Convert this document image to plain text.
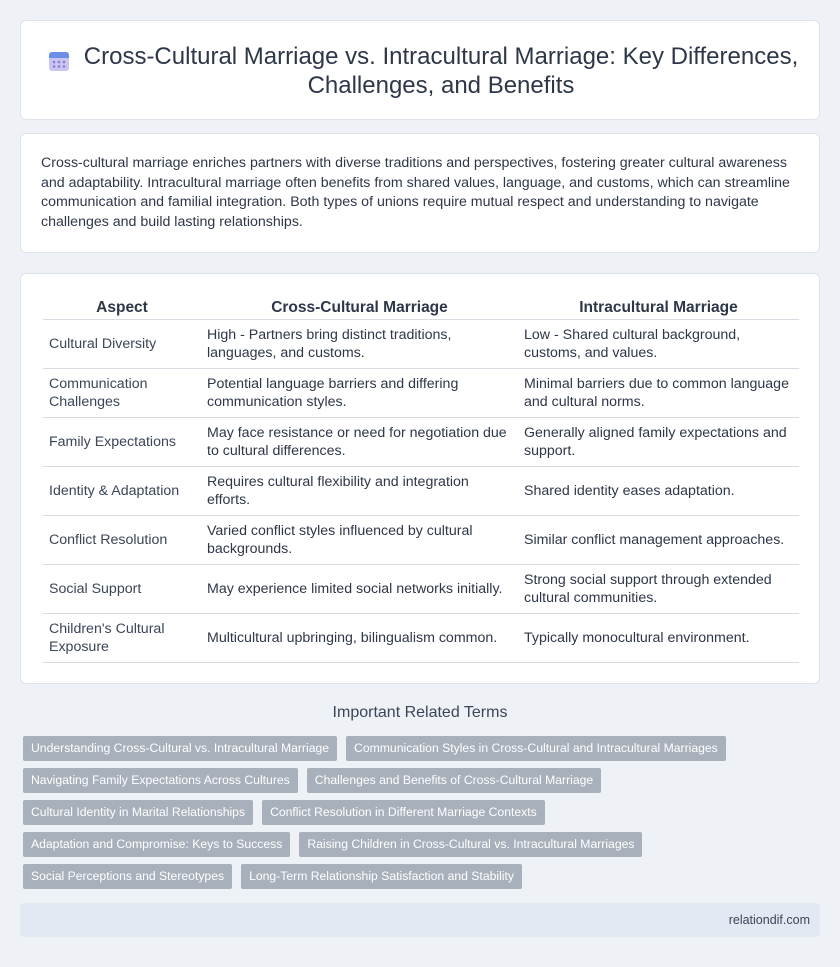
Cross-Cultural Marriage vs. Intracultural Marriage: Key Differences, Challenges, and Benefits

Cross-cultural marriage enriches partners with diverse traditions and perspectives, fostering greater cultural awareness and adaptability. Intracultural marriage often benefits from shared values, language, and customs, which can streamline communication and familial integration. Both types of unions require mutual respect and understanding to navigate challenges and build lasting relationships.

Aspect	Cross-Cultural Marriage	Intracultural Marriage
Cultural Diversity	High - Partners bring distinct traditions, languages, and customs.	Low - Shared cultural background, customs, and values.
Communication Challenges	Potential language barriers and differing communication styles.	Minimal barriers due to common language and cultural norms.
Family Expectations	May face resistance or need for negotiation due to cultural differences.	Generally aligned family expectations and support.
Identity & Adaptation	Requires cultural flexibility and integration efforts.	Shared identity eases adaptation.
Conflict Resolution	Varied conflict styles influenced by cultural backgrounds.	Similar conflict management approaches.
Social Support	May experience limited social networks initially.	Strong social support through extended cultural communities.
Children's Cultural Exposure	Multicultural upbringing, bilingualism common.	Typically monocultural environment.
Important Related Terms
Understanding Cross-Cultural vs. Intracultural Marriage	Communication Styles in Cross-Cultural and Intracultural Marriages
Navigating Family Expectations Across Cultures	Challenges and Benefits of Cross-Cultural Marriage
Cultural Identity in Marital Relationships	Conflict Resolution in Different Marriage Contexts
Adaptation and Compromise: Keys to Success	Raising Children in Cross-Cultural vs. Intracultural Marriages
Social Perceptions and Stereotypes	Long-Term Relationship Satisfaction and Stability
relationdif.com
